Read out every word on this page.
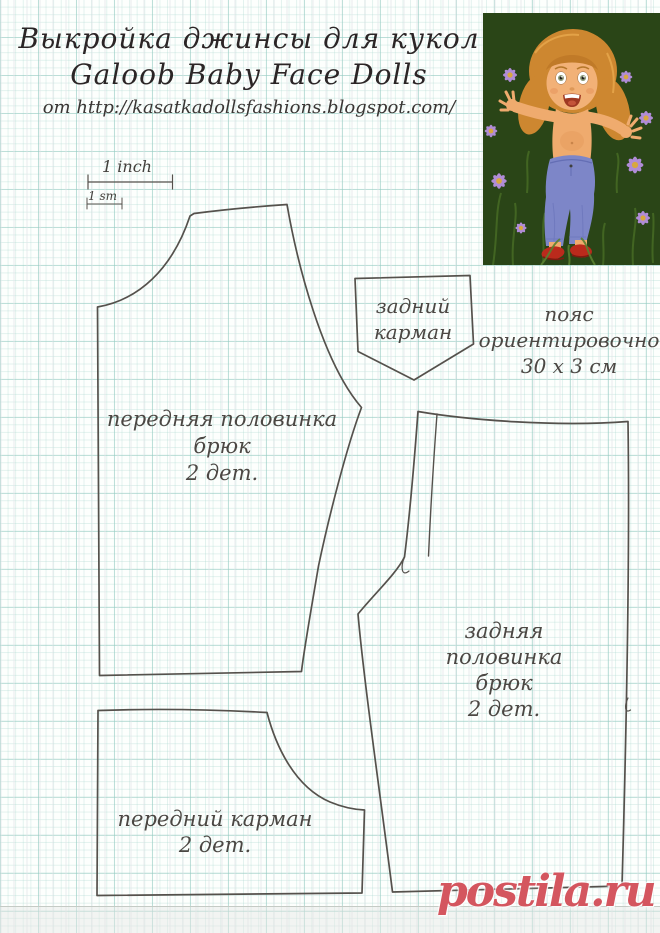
Выкройка джинсы для кукол
Galoob Baby Face Dolls
от http://kasatkadollsfashions.blogspot.com/
1 inch
1 sm
задний
карман
пояс
ориентировочно
30 х 3 см
передняя половинка
брюк
2 дет.
задняя половинка
брюк
2 дет.
передний карман
2 дет.
postila.ru
